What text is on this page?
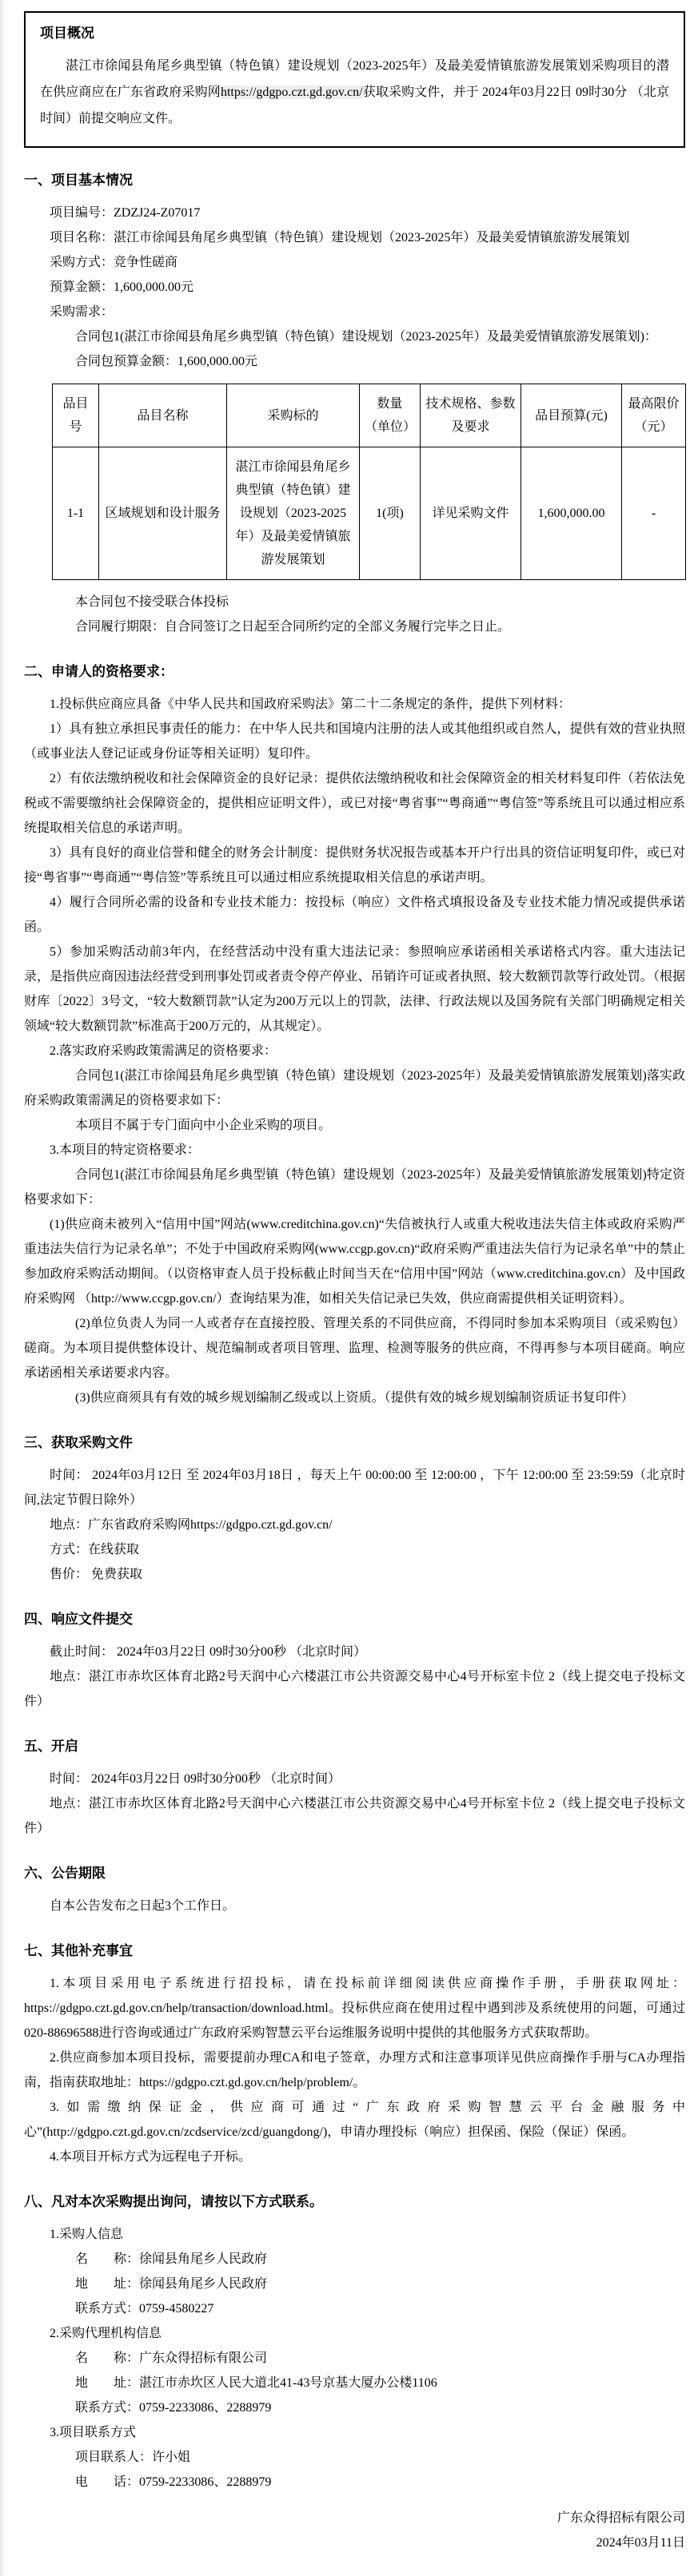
项目概况

湛江市徐闻县角尾乡典型镇（特色镇）建设规划（2023-2025年）及最美爱情镇旅游发展策划采购项目的潜在供应商应在广东省政府采购网https://gdgpo.czt.gd.gov.cn/获取采购文件，并于 2024年03月22日 09时30分 （北京时间）前提交响应文件。

一、项目基本情况

项目编号：ZDZJ24-Z07017

项目名称：湛江市徐闻县角尾乡典型镇（特色镇）建设规划（2023-2025年）及最美爱情镇旅游发展策划

采购方式：竞争性磋商

预算金额：1,600,000.00元

采购需求：

合同包1(湛江市徐闻县角尾乡典型镇（特色镇）建设规划（2023-2025年）及最美爱情镇旅游发展策划)：

合同包预算金额：1,600,000.00元

品目号	品目名称	采购标的	数量（单位）	技术规格、参数及要求	品目预算(元)	最高限价（元）
1-1	区域规划和设计服务	湛江市徐闻县角尾乡典型镇（特色镇）建设规划（2023-2025年）及最美爱情镇旅游发展策划	1(项)	详见采购文件	1,600,000.00	-

本合同包不接受联合体投标

合同履行期限：自合同签订之日起至合同所约定的全部义务履行完毕之日止。

二、申请人的资格要求：

1.投标供应商应具备《中华人民共和国政府采购法》第二十二条规定的条件，提供下列材料：

1）具有独立承担民事责任的能力：在中华人民共和国境内注册的法人或其他组织或自然人，提供有效的营业执照（或事业法人登记证或身份证等相关证明）复印件。

2）有依法缴纳税收和社会保障资金的良好记录：提供依法缴纳税收和社会保障资金的相关材料复印件（若依法免税或不需要缴纳社会保障资金的，提供相应证明文件），或已对接“粤省事”“粤商通”“粤信签”等系统且可以通过相应系统提取相关信息的承诺声明。

3）具有良好的商业信誉和健全的财务会计制度：提供财务状况报告或基本开户行出具的资信证明复印件，或已对接“粤省事”“粤商通”“粤信签”等系统且可以通过相应系统提取相关信息的承诺声明。

4）履行合同所必需的设备和专业技术能力：按投标（响应）文件格式填报设备及专业技术能力情况或提供承诺函。

5）参加采购活动前3年内，在经营活动中没有重大违法记录：参照响应承诺函相关承诺格式内容。重大违法记录，是指供应商因违法经营受到刑事处罚或者责令停产停业、吊销许可证或者执照、较大数额罚款等行政处罚。（根据财库〔2022〕3号文，“较大数额罚款”认定为200万元以上的罚款，法律、行政法规以及国务院有关部门明确规定相关领域“较大数额罚款”标准高于200万元的，从其规定）。

2.落实政府采购政策需满足的资格要求：

合同包1(湛江市徐闻县角尾乡典型镇（特色镇）建设规划（2023-2025年）及最美爱情镇旅游发展策划)落实政府采购政策需满足的资格要求如下：

本项目不属于专门面向中小企业采购的项目。

3.本项目的特定资格要求：

合同包1(湛江市徐闻县角尾乡典型镇（特色镇）建设规划（2023-2025年）及最美爱情镇旅游发展策划)特定资格要求如下：

(1)供应商未被列入“信用中国”网站(www.creditchina.gov.cn)“失信被执行人或重大税收违法失信主体或政府采购严重违法失信行为记录名单”；不处于中国政府采购网(www.ccgp.gov.cn)“政府采购严重违法失信行为记录名单”中的禁止参加政府采购活动期间。（以资格审查人员于投标截止时间当天在“信用中国”网站（www.creditchina.gov.cn）及中国政府采购网 （http://www.ccgp.gov.cn/）查询结果为准，如相关失信记录已失效，供应商需提供相关证明资料）。

(2)单位负责人为同一人或者存在直接控股、管理关系的不同供应商，不得同时参加本采购项目（或采购包）磋商。为本项目提供整体设计、规范编制或者项目管理、监理、检测等服务的供应商，不得再参与本项目磋商。响应承诺函相关承诺要求内容。

(3)供应商须具有有效的城乡规划编制乙级或以上资质。（提供有效的城乡规划编制资质证书复印件）

三、获取采购文件

时间： 2024年03月12日 至 2024年03月18日 ，每天上午 00:00:00 至 12:00:00 ，下午 12:00:00 至 23:59:59（北京时间,法定节假日除外）

地点：广东省政府采购网https://gdgpo.czt.gd.gov.cn/

方式：在线获取

售价： 免费获取

四、响应文件提交

截止时间： 2024年03月22日 09时30分00秒 （北京时间）

地点：湛江市赤坎区体育北路2号天润中心六楼湛江市公共资源交易中心4号开标室卡位 2（线上提交电子投标文件）

五、开启

时间： 2024年03月22日 09时30分00秒 （北京时间）

地点：湛江市赤坎区体育北路2号天润中心六楼湛江市公共资源交易中心4号开标室卡位 2（线上提交电子投标文件）

六、公告期限

自本公告发布之日起3个工作日。

七、其他补充事宜

1.本项目采用电子系统进行招投标，请在投标前详细阅读供应商操作手册，手册获取网址：https://gdgpo.czt.gd.gov.cn/help/transaction/download.html。投标供应商在使用过程中遇到涉及系统使用的问题，可通过020-88696588进行咨询或通过广东政府采购智慧云平台运维服务说明中提供的其他服务方式获取帮助。

2.供应商参加本项目投标，需要提前办理CA和电子签章，办理方式和注意事项详见供应商操作手册与CA办理指南，指南获取地址：https://gdgpo.czt.gd.gov.cn/help/problem/。

3.如需缴纳保证金，供应商可通过“广东政府采购智慧云平台金融服务中心”(http://gdgpo.czt.gd.gov.cn/zcdservice/zcd/guangdong/)，申请办理投标（响应）担保函、保险（保证）保函。

4.本项目开标方式为远程电子开标。

八、凡对本次采购提出询问，请按以下方式联系。

1.采购人信息

名　　称：徐闻县角尾乡人民政府

地　　址：徐闻县角尾乡人民政府

联系方式：0759-4580227

2.采购代理机构信息

名　　称：广东众得招标有限公司

地　　址：湛江市赤坎区人民大道北41-43号京基大厦办公楼1106

联系方式：0759-2233086、2288979

3.项目联系方式

项目联系人：许小姐

电　　话：0759-2233086、2288979

广东众得招标有限公司
2024年03月11日
